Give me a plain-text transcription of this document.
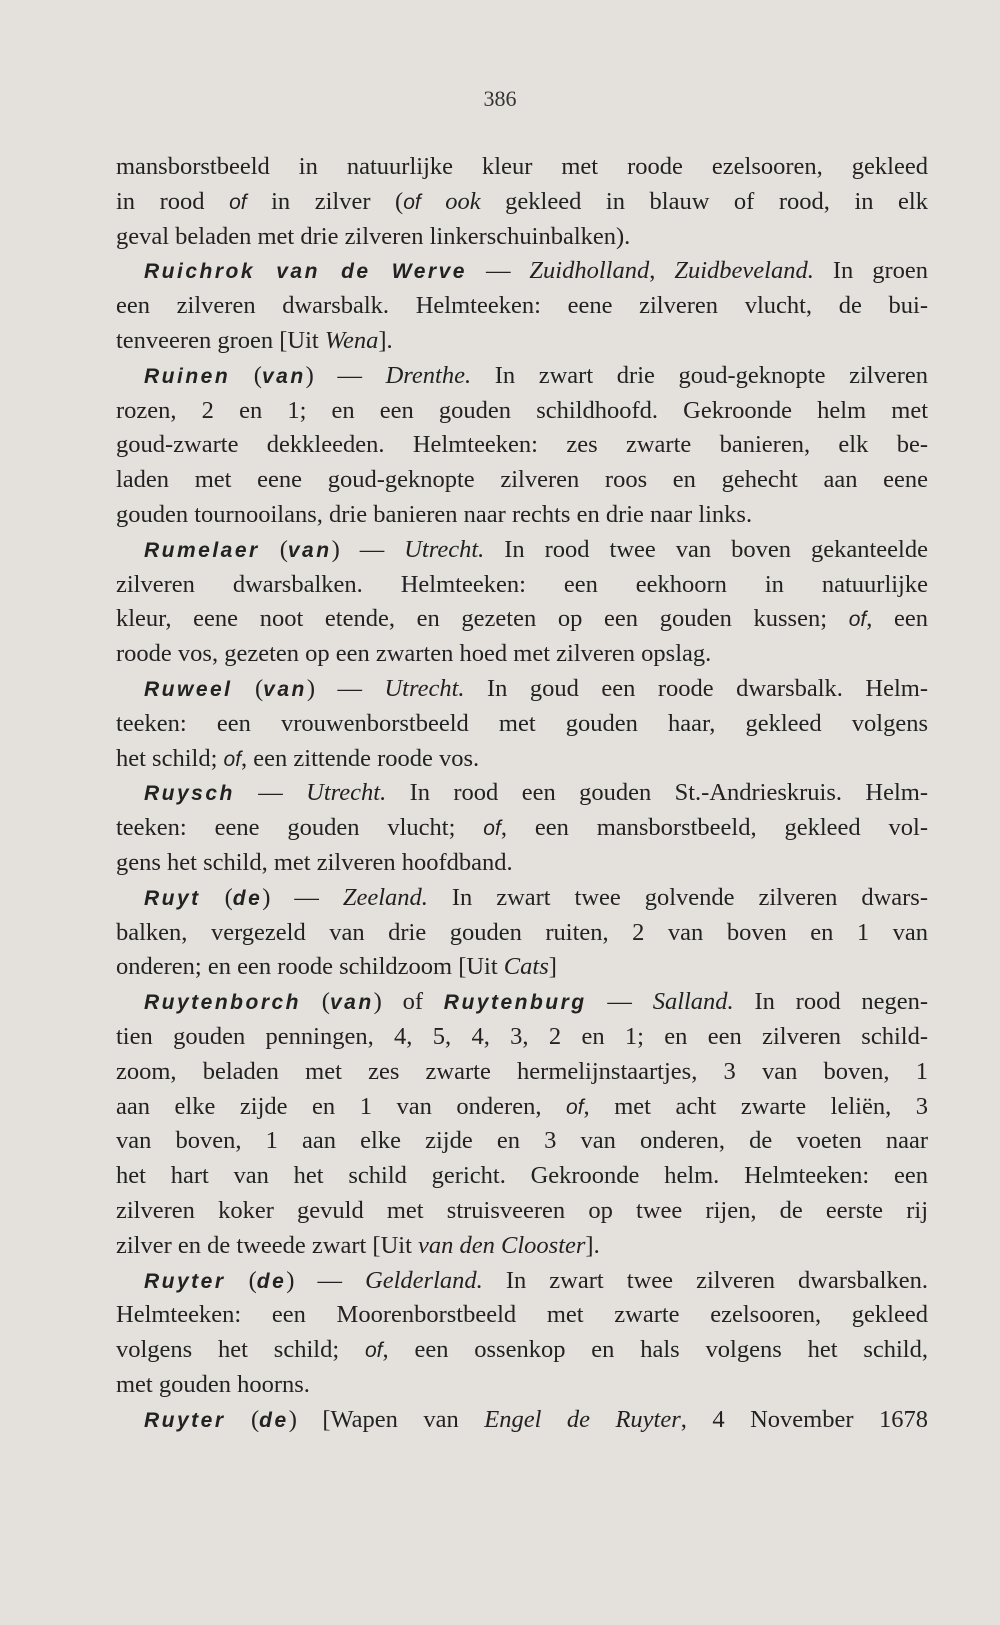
386
mansborstbeeld in natuurlijke kleur met roode ezelsooren, gekleed
in rood of in zilver (of ook gekleed in blauw of rood, in elk
geval beladen met drie zilveren linkerschuinbalken).
Ruichrok van de Werve — Zuidholland, Zuidbeveland. In groen
een zilveren dwarsbalk. Helmteeken: eene zilveren vlucht, de bui-
tenveeren groen [Uit Wena].
Ruinen (van) — Drenthe. In zwart drie goud-geknopte zilveren
rozen, 2 en 1; en een gouden schildhoofd. Gekroonde helm met
goud-zwarte dekkleeden. Helmteeken: zes zwarte banieren, elk be-
laden met eene goud-geknopte zilveren roos en gehecht aan eene
gouden tournooilans, drie banieren naar rechts en drie naar links.
Rumelaer (van) — Utrecht. In rood twee van boven gekanteelde
zilveren dwarsbalken. Helmteeken: een eekhoorn in natuurlijke
kleur, eene noot etende, en gezeten op een gouden kussen; of, een
roode vos, gezeten op een zwarten hoed met zilveren opslag.
Ruweel (van) — Utrecht. In goud een roode dwarsbalk. Helm-
teeken: een vrouwenborstbeeld met gouden haar, gekleed volgens
het schild; of, een zittende roode vos.
Ruysch — Utrecht. In rood een gouden St.-Andrieskruis. Helm-
teeken: eene gouden vlucht; of, een mansborstbeeld, gekleed vol-
gens het schild, met zilveren hoofdband.
Ruyt (de) — Zeeland. In zwart twee golvende zilveren dwars-
balken, vergezeld van drie gouden ruiten, 2 van boven en 1 van
onderen; en een roode schildzoom [Uit Cats]
Ruytenborch (van) of Ruytenburg — Salland. In rood negen-
tien gouden penningen, 4, 5, 4, 3, 2 en 1; en een zilveren schild-
zoom, beladen met zes zwarte hermelijnstaartjes, 3 van boven, 1
aan elke zijde en 1 van onderen, of, met acht zwarte leliën, 3
van boven, 1 aan elke zijde en 3 van onderen, de voeten naar
het hart van het schild gericht. Gekroonde helm. Helmteeken: een
zilveren koker gevuld met struisveeren op twee rijen, de eerste rij
zilver en de tweede zwart [Uit van den Clooster].
Ruyter (de) — Gelderland. In zwart twee zilveren dwarsbalken.
Helmteeken: een Moorenborstbeeld met zwarte ezelsooren, gekleed
volgens het schild; of, een ossenkop en hals volgens het schild,
met gouden hoorns.
Ruyter (de) [Wapen van Engel de Ruyter, 4 November 1678
